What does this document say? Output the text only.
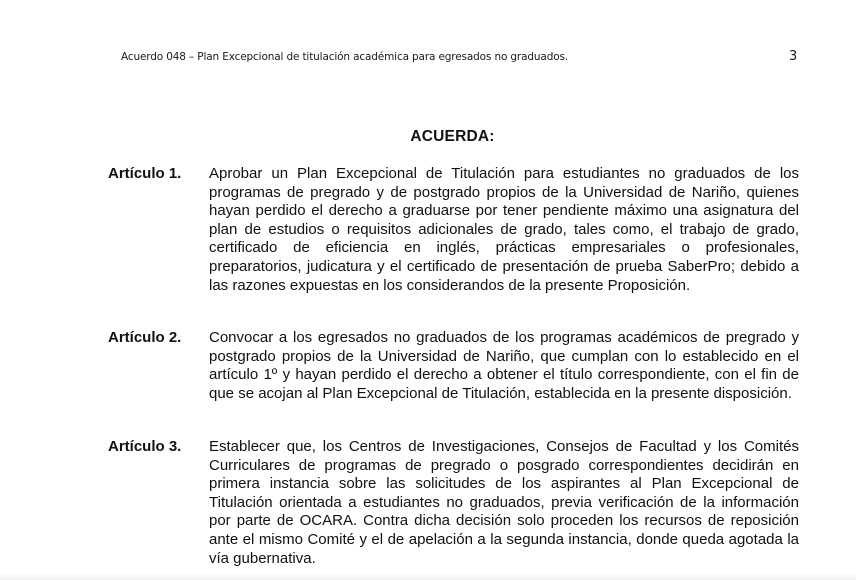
Acuerdo 048 – Plan Excepcional de titulación académica para egresados no graduados.	3
ACUERDA:
Artículo 1. Aprobar un Plan Excepcional de Titulación para estudiantes no graduados de los programas de pregrado y de postgrado propios de la Universidad de Nariño, quienes hayan perdido el derecho a graduarse por tener pendiente máximo una asignatura del plan de estudios o requisitos adicionales de grado, tales como, el trabajo de grado, certificado de eficiencia en inglés, prácticas empresariales o profesionales, preparatorios, judicatura y el certificado de presentación de prueba SaberPro; debido a las razones expuestas en los considerandos de la presente Proposición.
Artículo 2. Convocar a los egresados no graduados de los programas académicos de pregrado y postgrado propios de la Universidad de Nariño, que cumplan con lo establecido en el artículo 1º y hayan perdido el derecho a obtener el título correspondiente, con el fin de que se acojan al Plan Excepcional de Titulación, establecida en la presente disposición.
Artículo 3. Establecer que, los Centros de Investigaciones, Consejos de Facultad y los Comités Curriculares de programas de pregrado o posgrado correspondientes decidirán en primera instancia sobre las solicitudes de los aspirantes al Plan Excepcional de Titulación orientada a estudiantes no graduados, previa verificación de la información por parte de OCARA. Contra dicha decisión solo proceden los recursos de reposición ante el mismo Comité y el de apelación a la segunda instancia, donde queda agotada la vía gubernativa.
